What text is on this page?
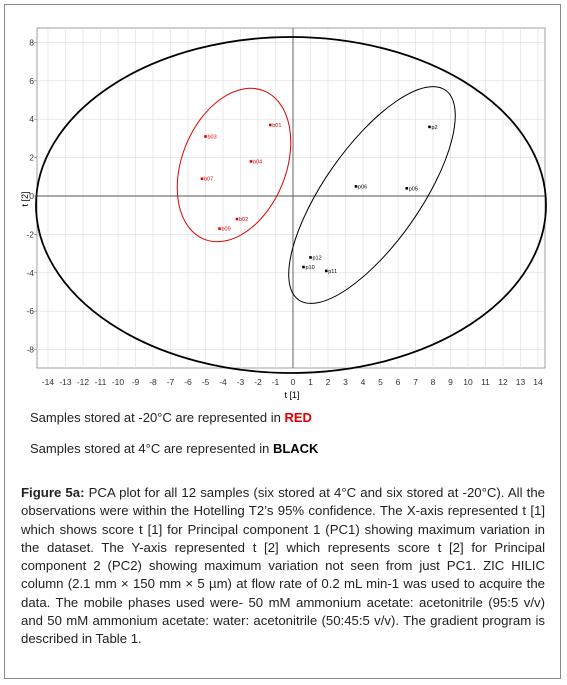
-14 -13 -12 -11 -10 -9 -8 -7 -6 -5 -4 -3 -2 -1 0 1 2 3 4 5 6 7 8 9 10 11 12 13 14
-8
-6
-4
-2
0
2
4
6
8
b01
b03
b04
b07
b09
b02
p2
p06	p05
p12
p10
p11
t [1]
t [2]
Samples stored at -20°C are represented in RED
Samples stored at 4°C are represented in BLACK
Figure 5a: PCA plot for all 12 samples (six stored at 4°C and six stored at -20°C). All the observations were within the Hotelling T2’s 95% confidence. The X-axis represented t [1] which shows score t [1] for Principal component 1 (PC1) showing maximum variation in the dataset. The Y-axis represented t [2] which represents score t [2] for Principal component 2 (PC2) showing maximum variation not seen from just PC1. ZIC HILIC column (2.1 mm × 150 mm × 5 µm) at flow rate of 0.2 mL min-1 was used to acquire the data. The mobile phases used were- 50 mM ammonium acetate: acetonitrile (95:5 v/v) and 50 mM ammonium acetate: water: acetonitrile (50:45:5 v/v). The gradient program is described in Table 1.
